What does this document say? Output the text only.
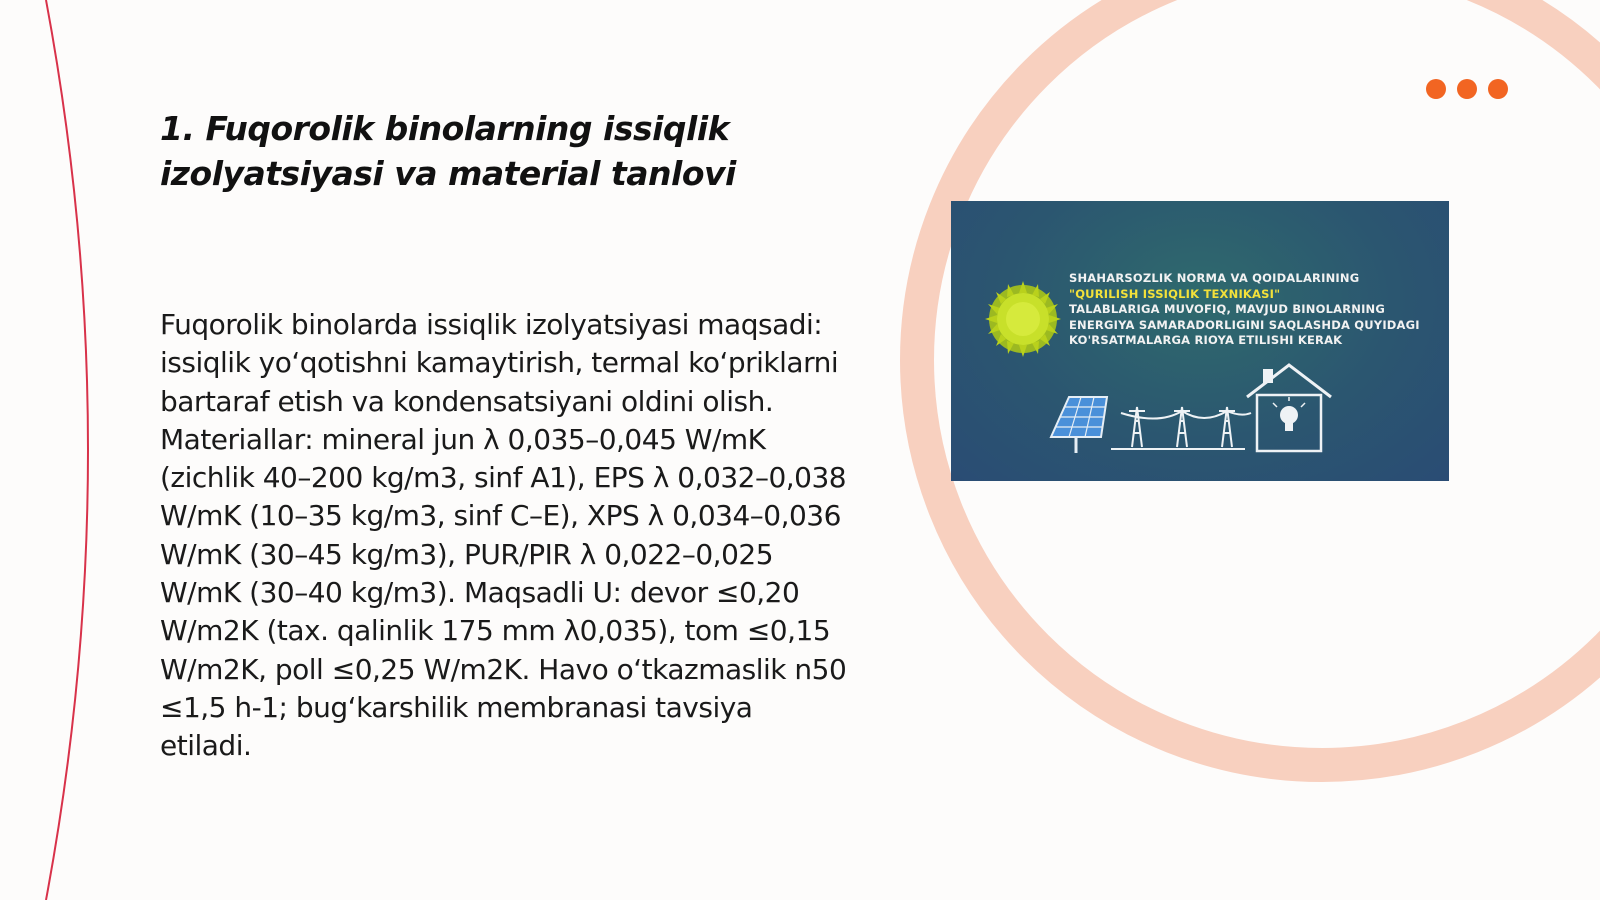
1. Fuqorolik binolarning issiqlik izolyatsiyasi va material tanlovi

Fuqorolik binolarda issiqlik izolyatsiyasi maqsadi: issiqlik yo‘qotishni kamaytirish, termal ko‘priklarni bartaraf etish va kondensatsiyani oldini olish. Materiallar: mineral jun λ 0,035–0,045 W/mK (zichlik 40–200 kg/m3, sinf A1), EPS λ 0,032–0,038 W/mK (10–35 kg/m3, sinf C–E), XPS λ 0,034–0,036 W/mK (30–45 kg/m3), PUR/PIR λ 0,022–0,025 W/mK (30–40 kg/m3). Maqsadli U: devor ≤0,20 W/m2K (tax. qalinlik 175 mm λ0,035), tom ≤0,15 W/m2K, poll ≤0,25 W/m2K. Havo o‘tkazmaslik n50 ≤1,5 h-1; bug‘karshilik membranasi tavsiya etiladi.

SHAHARSOZLIK NORMA VA QOIDALARINING
"QURILISH ISSIQLIK TEXNIKASI"
TALABLARIGA MUVOFIQ, MAVJUD BINOLARNING
ENERGIYA SAMARADORLIGINI SAQLASHDA QUYIDAGI
KO'RSATMALARGA RIOYA ETILISHI KERAK
